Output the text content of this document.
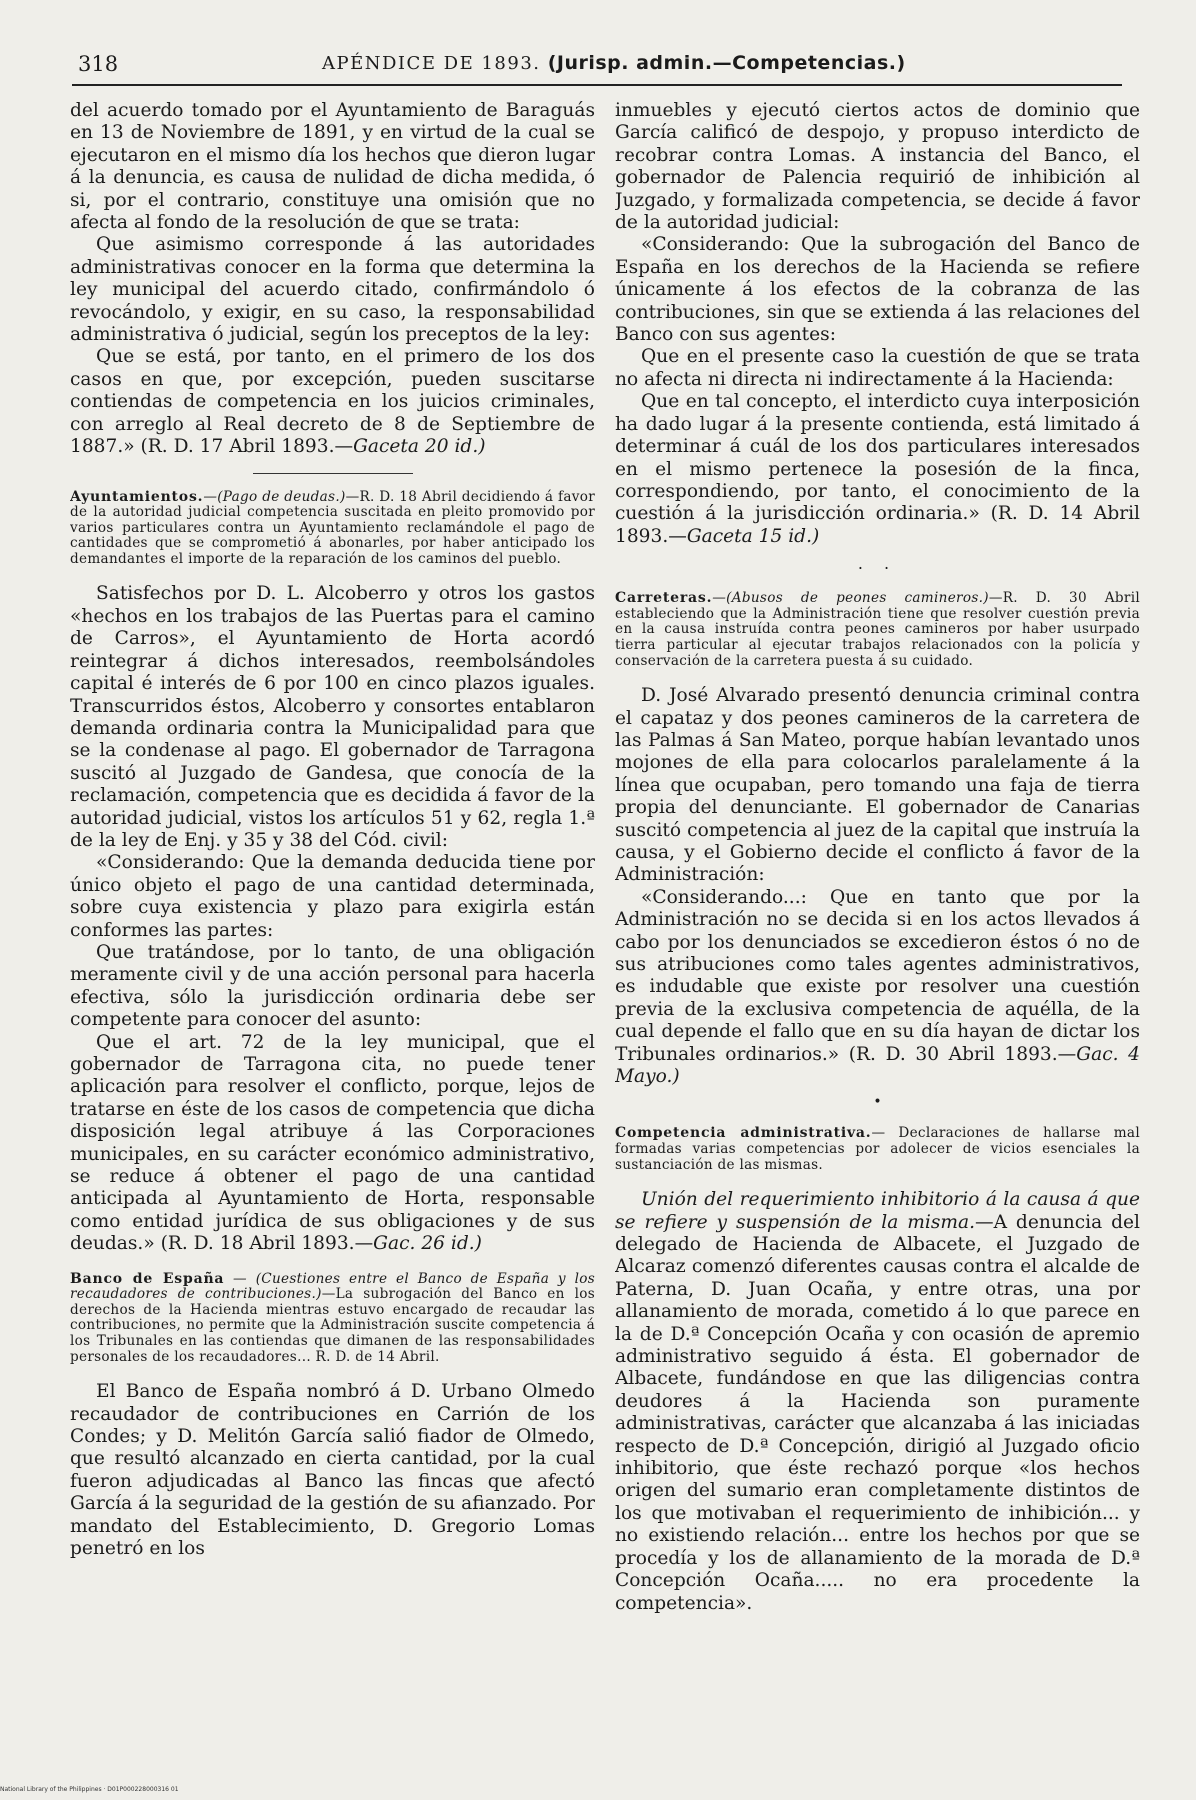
318	APÉNDICE DE 1893. (Jurisp. admin.—Competencias.)

del acuerdo tomado por el Ayuntamiento de Baraguás en 13 de Noviembre de 1891, y en virtud de la cual se ejecutaron en el mismo día los hechos que dieron lugar á la denuncia, es causa de nulidad de dicha medida, ó si, por el contrario, constituye una omisión que no afecta al fondo de la resolución de que se trata:

Que asimismo corresponde á las autoridades administrativas conocer en la forma que determina la ley municipal del acuerdo citado, confirmándolo ó revocándolo, y exigir, en su caso, la responsabilidad administrativa ó judicial, según los preceptos de la ley:

Que se está, por tanto, en el primero de los dos casos en que, por excepción, pueden suscitarse contiendas de competencia en los juicios criminales, con arreglo al Real decreto de 8 de Septiembre de 1887.» (R. D. 17 Abril 1893.—Gaceta 20 id.)

Ayuntamientos.—(Pago de deudas.)—R. D. 18 Abril decidiendo á favor de la autoridad judicial competencia suscitada en pleito promovido por varios particulares contra un Ayuntamiento reclamándole el pago de cantidades que se comprometió á abonarles, por haber anticipado los demandantes el importe de la reparación de los caminos del pueblo.

Satisfechos por D. L. Alcoberro y otros los gastos «hechos en los trabajos de las Puertas para el camino de Carros», el Ayuntamiento de Horta acordó reintegrar á dichos interesados, reembolsándoles capital é interés de 6 por 100 en cinco plazos iguales. Transcurridos éstos, Alcoberro y consortes entablaron demanda ordinaria contra la Municipalidad para que se la condenase al pago. El gobernador de Tarragona suscitó al Juzgado de Gandesa, que conocía de la reclamación, competencia que es decidida á favor de la autoridad judicial, vistos los artículos 51 y 62, regla 1.ª de la ley de Enj. y 35 y 38 del Cód. civil:

«Considerando: Que la demanda deducida tiene por único objeto el pago de una cantidad determinada, sobre cuya existencia y plazo para exigirla están conformes las partes:

Que tratándose, por lo tanto, de una obligación meramente civil y de una acción personal para hacerla efectiva, sólo la jurisdicción ordinaria debe ser competente para conocer del asunto:

Que el art. 72 de la ley municipal, que el gobernador de Tarragona cita, no puede tener aplicación para resolver el conflicto, porque, lejos de tratarse en éste de los casos de competencia que dicha disposición legal atribuye á las Corporaciones municipales, en su carácter económico administrativo, se reduce á obtener el pago de una cantidad anticipada al Ayuntamiento de Horta, responsable como entidad jurídica de sus obligaciones y de sus deudas.» (R. D. 18 Abril 1893.—Gac. 26 id.)

Banco de España — (Cuestiones entre el Banco de España y los recaudadores de contribuciones.)—La subrogación del Banco en los derechos de la Hacienda mientras estuvo encargado de recaudar las contribuciones, no permite que la Administración suscite competencia á los Tribunales en las contiendas que dimanen de las responsabilidades personales de los recaudadores... R. D. de 14 Abril.

El Banco de España nombró á D. Urbano Olmedo recaudador de contribuciones en Carrión de los Condes; y D. Melitón García salió fiador de Olmedo, que resultó alcanzado en cierta cantidad, por la cual fueron adjudicadas al Banco las fincas que afectó García á la seguridad de la gestión de su afianzado. Por mandato del Establecimiento, D. Gregorio Lomas penetró en los

inmuebles y ejecutó ciertos actos de dominio que García calificó de despojo, y propuso interdicto de recobrar contra Lomas. A instancia del Banco, el gobernador de Palencia requirió de inhibición al Juzgado, y formalizada competencia, se decide á favor de la autoridad judicial:

«Considerando: Que la subrogación del Banco de España en los derechos de la Hacienda se refiere únicamente á los efectos de la cobranza de las contribuciones, sin que se extienda á las relaciones del Banco con sus agentes:

Que en el presente caso la cuestión de que se trata no afecta ni directa ni indirectamente á la Hacienda:

Que en tal concepto, el interdicto cuya interposición ha dado lugar á la presente contienda, está limitado á determinar á cuál de los dos particulares interesados en el mismo pertenece la posesión de la finca, correspondiendo, por tanto, el conocimiento de la cuestión á la jurisdicción ordinaria.» (R. D. 14 Abril 1893.—Gaceta 15 id.)

. .

Carreteras.—(Abusos de peones camineros.)—R. D. 30 Abril estableciendo que la Administración tiene que resolver cuestión previa en la causa instruída contra peones camineros por haber usurpado tierra particular al ejecutar trabajos relacionados con la policía y conservación de la carretera puesta á su cuidado.

D. José Alvarado presentó denuncia criminal contra el capataz y dos peones camineros de la carretera de las Palmas á San Mateo, porque habían levantado unos mojones de ella para colocarlos paralelamente á la línea que ocupaban, pero tomando una faja de tierra propia del denunciante. El gobernador de Canarias suscitó competencia al juez de la capital que instruía la causa, y el Gobierno decide el conflicto á favor de la Administración:

«Considerando...: Que en tanto que por la Administración no se decida si en los actos llevados á cabo por los denunciados se excedieron éstos ó no de sus atribuciones como tales agentes administrativos, es indudable que existe por resolver una cuestión previa de la exclusiva competencia de aquélla, de la cual depende el fallo que en su día hayan de dictar los Tribunales ordinarios.» (R. D. 30 Abril 1893.—Gac. 4 Mayo.)

•

Competencia administrativa.— Declaraciones de hallarse mal formadas varias competencias por adolecer de vicios esenciales la sustanciación de las mismas.

Unión del requerimiento inhibitorio á la causa á que se refiere y suspensión de la misma.—A denuncia del delegado de Hacienda de Albacete, el Juzgado de Alcaraz comenzó diferentes causas contra el alcalde de Paterna, D. Juan Ocaña, y entre otras, una por allanamiento de morada, cometido á lo que parece en la de D.ª Concepción Ocaña y con ocasión de apremio administrativo seguido á ésta. El gobernador de Albacete, fundándose en que las diligencias contra deudores á la Hacienda son puramente administrativas, carácter que alcanzaba á las iniciadas respecto de D.ª Concepción, dirigió al Juzgado oficio inhibitorio, que éste rechazó porque «los hechos origen del sumario eran completamente distintos de los que motivaban el requerimiento de inhibición... y no existiendo relación... entre los hechos por que se procedía y los de allanamiento de la morada de D.ª Concepción Ocaña..... no era procedente la competencia».

National Library of the Philippines · D01P000228000316 01
